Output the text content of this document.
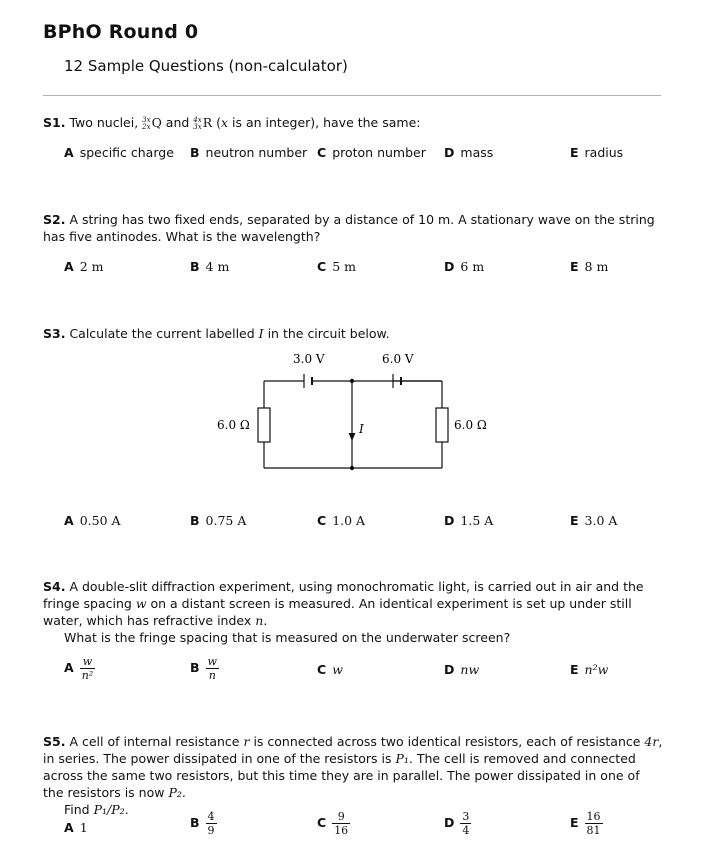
BPhO Round 0
12 Sample Questions (non-calculator)
S1. Two nuclei, 3x
2x Q and 4x
3x R (x is an integer), have the same:
A specific charge B neutron number C proton number D mass	E radius
S2. A string has two fixed ends, separated by a distance of 10 m. A stationary wave on the string has five antinodes. What is the wavelength?
A 2 m	B 4 m	C 5 m	D 6 m	E 8 m
S3. Calculate the current labelled I in the circuit below.
3.0 V	6.0 V
6.0 Ω	6.0 Ω
I
A 0.50 A	B 0.75 A	C 1.0 A	D 1.5 A	E 3.0 A
S4. A double-slit diffraction experiment, using monochromatic light, is carried out in air and the fringe spacing w on a distant screen is measured. An identical experiment is set up under still water, which has refractive index n.
What is the fringe spacing that is measured on the underwater screen?
A $\frac{w}{\text{n²}}$	B $\frac{w}{n}$	C w	D nw	E n²w
S5. A cell of internal resistance r is connected across two identical resistors, each of resistance 4r, in series. The power dissipated in one of the resistors is P₁. The cell is removed and connected across the same two resistors, but this time they are in parallel. The power dissipated in one of the resistors is now P₂.
Find P₁/P₂.
A 1	B $\frac{4}{9}$	C $\frac{9}{16}$	D $\frac{3}{4}$	E $\frac{16}{81}$
